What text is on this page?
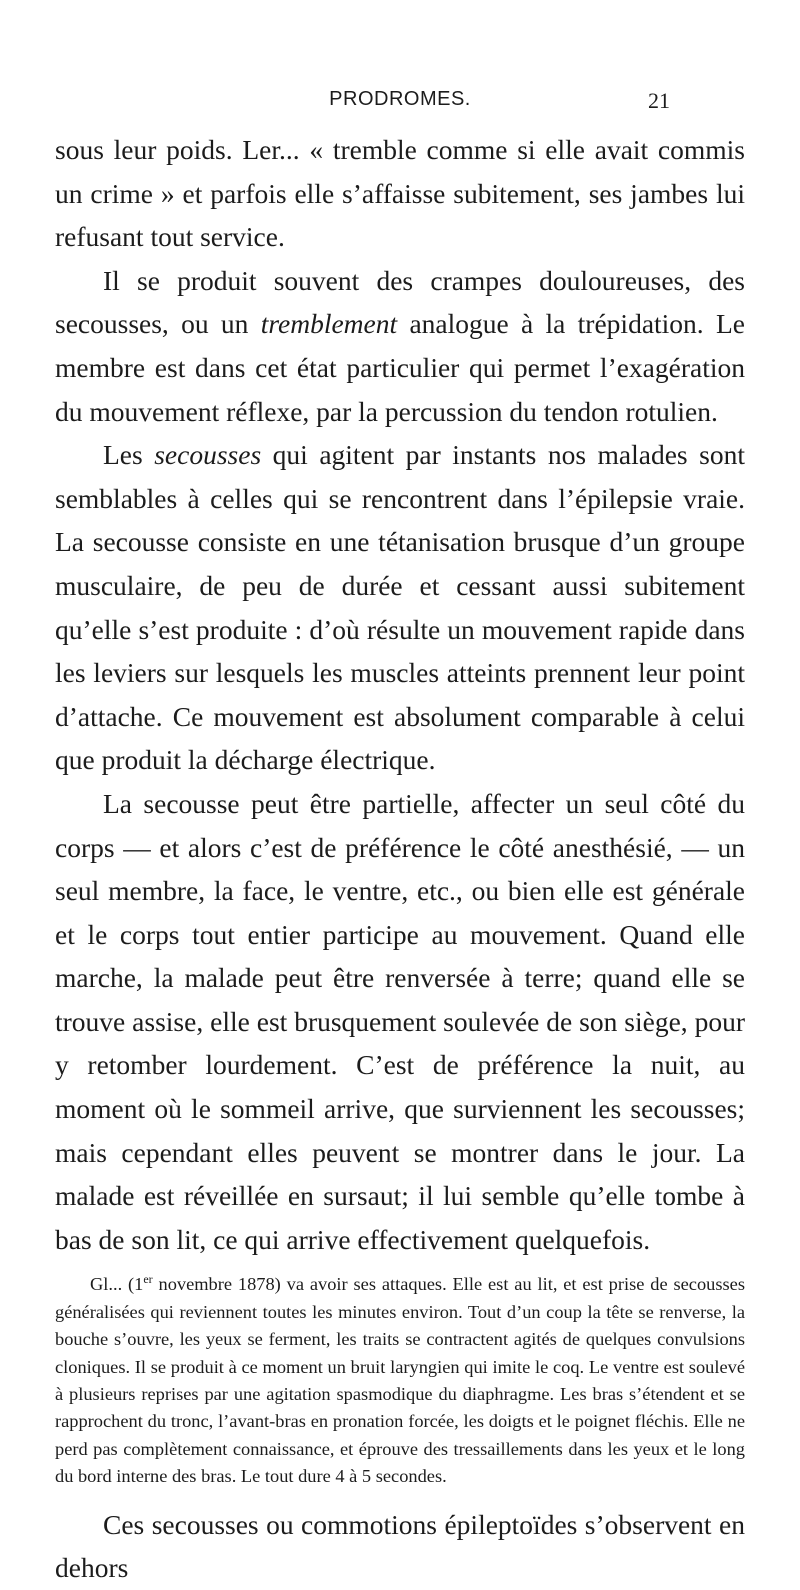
PRODROMES.	21

sous leur poids. Ler... « tremble comme si elle avait commis un crime » et parfois elle s’affaisse subitement, ses jambes lui refusant tout service.

Il se produit souvent des crampes douloureuses, des secousses, ou un tremblement analogue à la trépidation. Le membre est dans cet état particulier qui permet l’exagération du mouvement réflexe, par la percussion du tendon rotulien.

Les secousses qui agitent par instants nos malades sont semblables à celles qui se rencontrent dans l’épilepsie vraie. La secousse consiste en une tétanisation brusque d’un groupe musculaire, de peu de durée et cessant aussi subitement qu’elle s’est produite : d’où résulte un mouvement rapide dans les leviers sur lesquels les muscles atteints prennent leur point d’attache. Ce mouvement est absolument comparable à celui que produit la décharge électrique.

La secousse peut être partielle, affecter un seul côté du corps — et alors c’est de préférence le côté anesthésié, — un seul membre, la face, le ventre, etc., ou bien elle est générale et le corps tout entier participe au mouvement. Quand elle marche, la malade peut être renversée à terre; quand elle se trouve assise, elle est brusquement soulevée de son siège, pour y retomber lourdement. C’est de préférence la nuit, au moment où le sommeil arrive, que surviennent les secousses; mais cependant elles peuvent se montrer dans le jour. La malade est réveillée en sursaut; il lui semble qu’elle tombe à bas de son lit, ce qui arrive effectivement quelquefois.

Gl... (1er novembre 1878) va avoir ses attaques. Elle est au lit, et est prise de secousses généralisées qui reviennent toutes les minutes environ. Tout d’un coup la tête se renverse, la bouche s’ouvre, les yeux se ferment, les traits se contractent agités de quelques convulsions cloniques. Il se produit à ce moment un bruit laryngien qui imite le coq. Le ventre est soulevé à plusieurs reprises par une agitation spasmodique du diaphragme. Les bras s’étendent et se rapprochent du tronc, l’avant-bras en pronation forcée, les doigts et le poignet fléchis. Elle ne perd pas complètement connaissance, et éprouve des tressaillements dans les yeux et le long du bord interne des bras. Le tout dure 4 à 5 secondes.

Ces secousses ou commotions épileptoïdes s’observent en dehors
